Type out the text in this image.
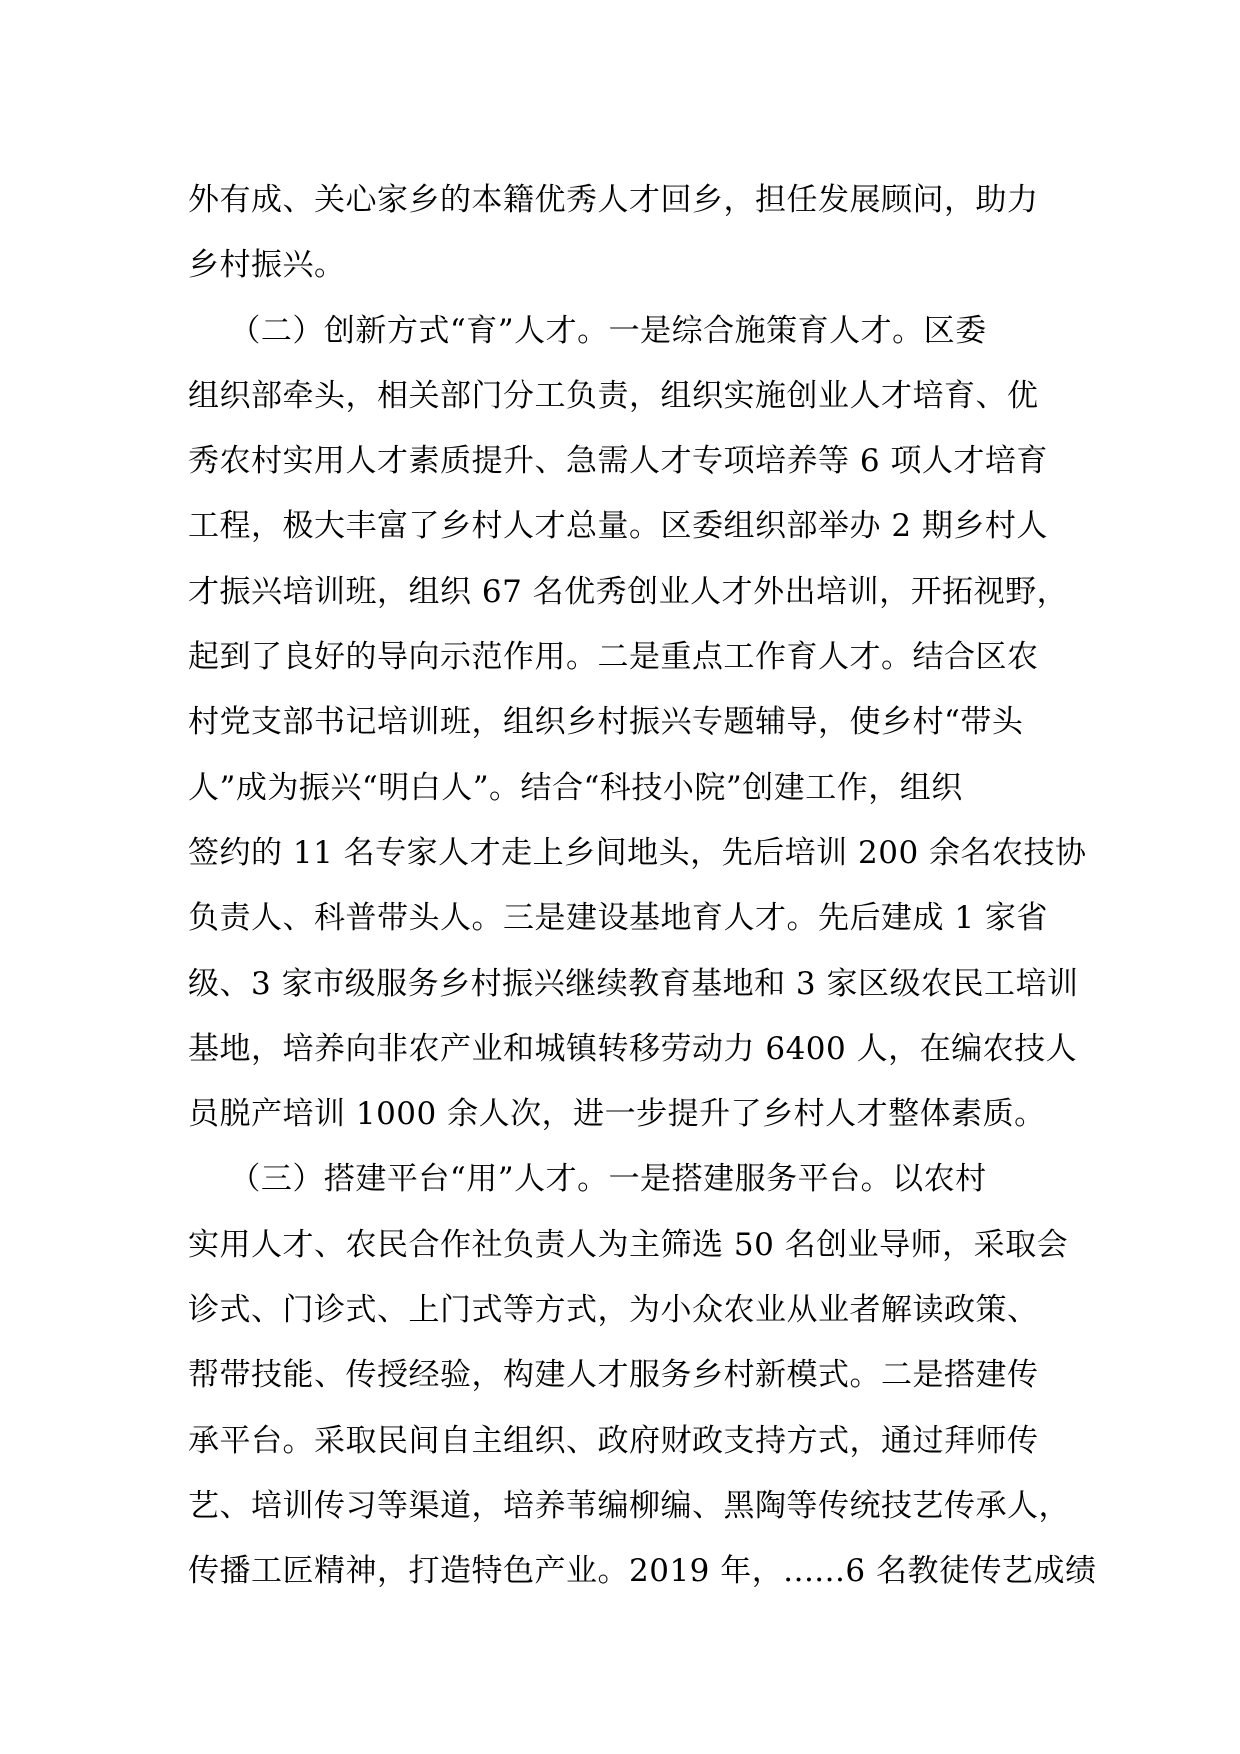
外有成、关心家乡的本籍优秀人才回乡，担任发展顾问，助力
乡村振兴。
（二）创新方式“育”人才。一是综合施策育人才。区委
组织部牵头，相关部门分工负责，组织实施创业人才培育、优
秀农村实用人才素质提升、急需人才专项培养等 6 项人才培育
工程，极大丰富了乡村人才总量。区委组织部举办 2 期乡村人
才振兴培训班，组织 67 名优秀创业人才外出培训，开拓视野，
起到了良好的导向示范作用。二是重点工作育人才。结合区农
村党支部书记培训班，组织乡村振兴专题辅导，使乡村“带头
人”成为振兴“明白人”。结合“科技小院”创建工作，组织
签约的 11 名专家人才走上乡间地头，先后培训 200 余名农技协
负责人、科普带头人。三是建设基地育人才。先后建成 1 家省
级、3 家市级服务乡村振兴继续教育基地和 3 家区级农民工培训
基地，培养向非农产业和城镇转移劳动力 6400 人，在编农技人
员脱产培训 1000 余人次，进一步提升了乡村人才整体素质。
（三）搭建平台“用”人才。一是搭建服务平台。以农村
实用人才、农民合作社负责人为主筛选 50 名创业导师，采取会
诊式、门诊式、上门式等方式，为小众农业从业者解读政策、
帮带技能、传授经验，构建人才服务乡村新模式。二是搭建传
承平台。采取民间自主组织、政府财政支持方式，通过拜师传
艺、培训传习等渠道，培养苇编柳编、黑陶等传统技艺传承人，
传播工匠精神，打造特色产业。2019 年，......6 名教徒传艺成绩
